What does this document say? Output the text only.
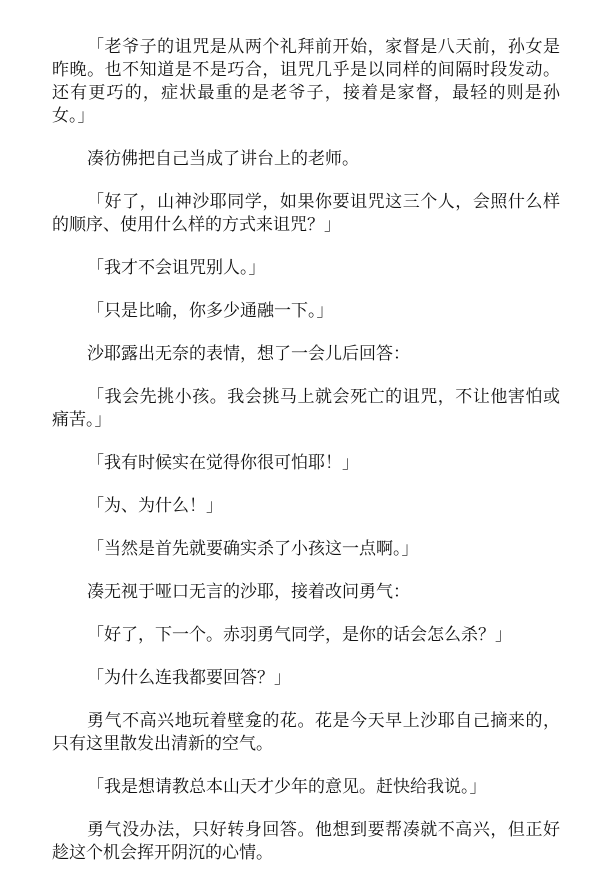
「老爷子的诅咒是从两个礼拜前开始，家督是八天前，孙女是昨晚。也不知道是不是巧合，诅咒几乎是以同样的间隔时段发动。还有更巧的，症状最重的是老爷子，接着是家督，最轻的则是孙女。」

凑彷佛把自己当成了讲台上的老师。

「好了，山神沙耶同学，如果你要诅咒这三个人，会照什么样的顺序、使用什么样的方式来诅咒？」

「我才不会诅咒别人。」

「只是比喻，你多少通融一下。」

沙耶露出无奈的表情，想了一会儿后回答：

「我会先挑小孩。我会挑马上就会死亡的诅咒，不让他害怕或痛苦。」

「我有时候实在觉得你很可怕耶！」

「为、为什么！」

「当然是首先就要确实杀了小孩这一点啊。」

凑无视于哑口无言的沙耶，接着改问勇气：

「好了，下一个。赤羽勇气同学，是你的话会怎么杀？」

「为什么连我都要回答？」

勇气不高兴地玩着壁龛的花。花是今天早上沙耶自己摘来的，只有这里散发出清新的空气。

「我是想请教总本山天才少年的意见。赶快给我说。」

勇气没办法，只好转身回答。他想到要帮凑就不高兴，但正好趁这个机会挥开阴沉的心情。
